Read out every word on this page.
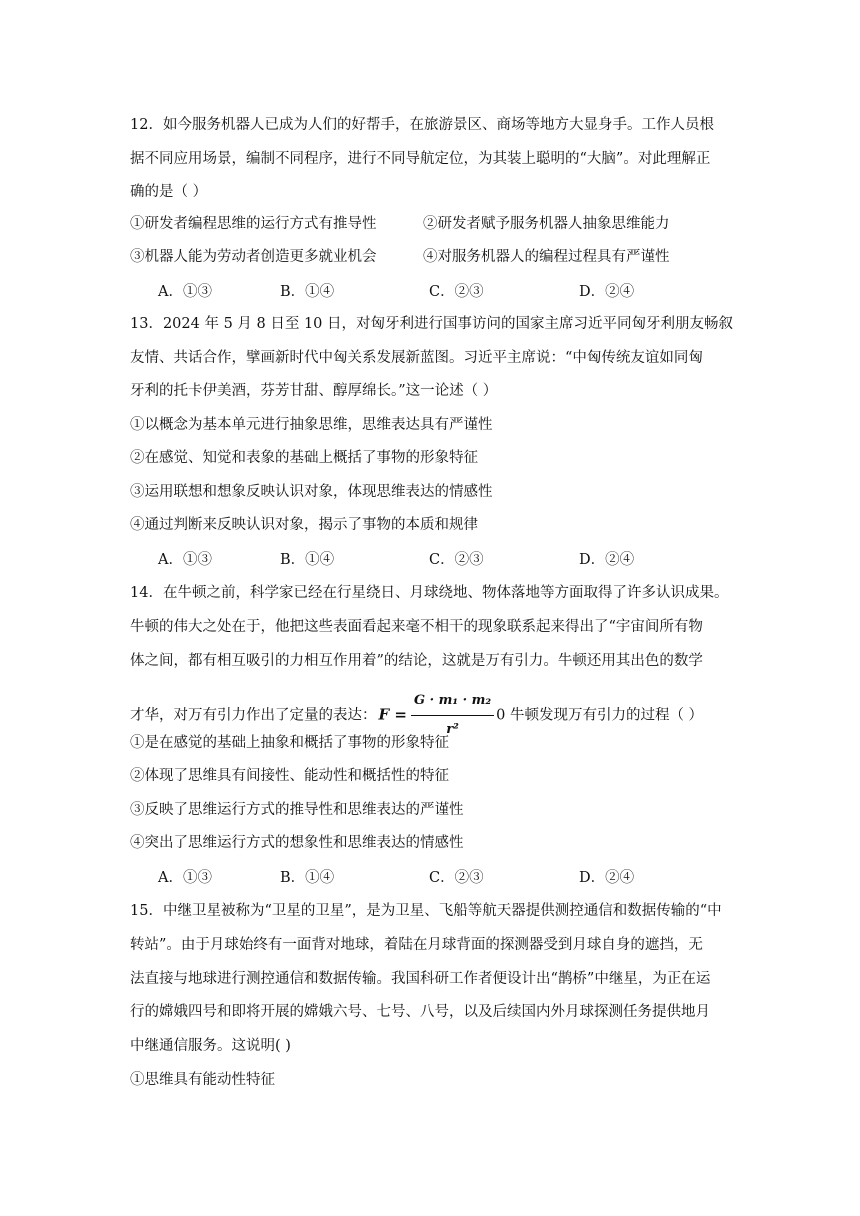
12．如今服务机器人已成为人们的好帮手，在旅游景区、商场等地方大显身手。工作人员根
据不同应用场景，编制不同程序，进行不同导航定位，为其装上聪明的“大脑”。对此理解正
确的是（ ）
①研发者编程思维的运行方式有推导性	②研发者赋予服务机器人抽象思维能力
③机器人能为劳动者创造更多就业机会	④对服务机器人的编程过程具有严谨性
A．①③	B．①④	C．②③	D．②④
13．2024 年 5 月 8 日至 10 日，对匈牙利进行国事访问的国家主席习近平同匈牙利朋友畅叙
友情、共话合作，擘画新时代中匈关系发展新蓝图。习近平主席说：“中匈传统友谊如同匈
牙利的托卡伊美酒，芬芳甘甜、醇厚绵长。”这一论述（ ）
①以概念为基本单元进行抽象思维，思维表达具有严谨性
②在感觉、知觉和表象的基础上概括了事物的形象特征
③运用联想和想象反映认识对象，体现思维表达的情感性
④通过判断来反映认识对象，揭示了事物的本质和规律
A．①③	B．①④	C．②③	D．②④
14．在牛顿之前，科学家已经在行星绕日、月球绕地、物体落地等方面取得了许多认识成果。
牛顿的伟大之处在于，他把这些表面看起来毫不相干的现象联系起来得出了“宇宙间所有物
体之间，都有相互吸引的力相互作用着”的结论，这就是万有引力。牛顿还用其出色的数学
才华，对万有引力作出了定量的表达： $F = \frac{\text{G · m₁ · m₂}}{\text{r²}} 0$ 牛顿发现万有引力的过程（ ）
①是在感觉的基础上抽象和概括了事物的形象特征
②体现了思维具有间接性、能动性和概括性的特征
③反映了思维运行方式的推导性和思维表达的严谨性
④突出了思维运行方式的想象性和思维表达的情感性
A．①③	B．①④	C．②③	D．②④
15．中继卫星被称为“卫星的卫星”，是为卫星、飞船等航天器提供测控通信和数据传输的“中
转站”。由于月球始终有一面背对地球，着陆在月球背面的探测器受到月球自身的遮挡，无
法直接与地球进行测控通信和数据传输。我国科研工作者便设计出“鹊桥”中继星，为正在运
行的嫦娥四号和即将开展的嫦娥六号、七号、八号，以及后续国内外月球探测任务提供地月
中继通信服务。这说明( )
①思维具有能动性特征
